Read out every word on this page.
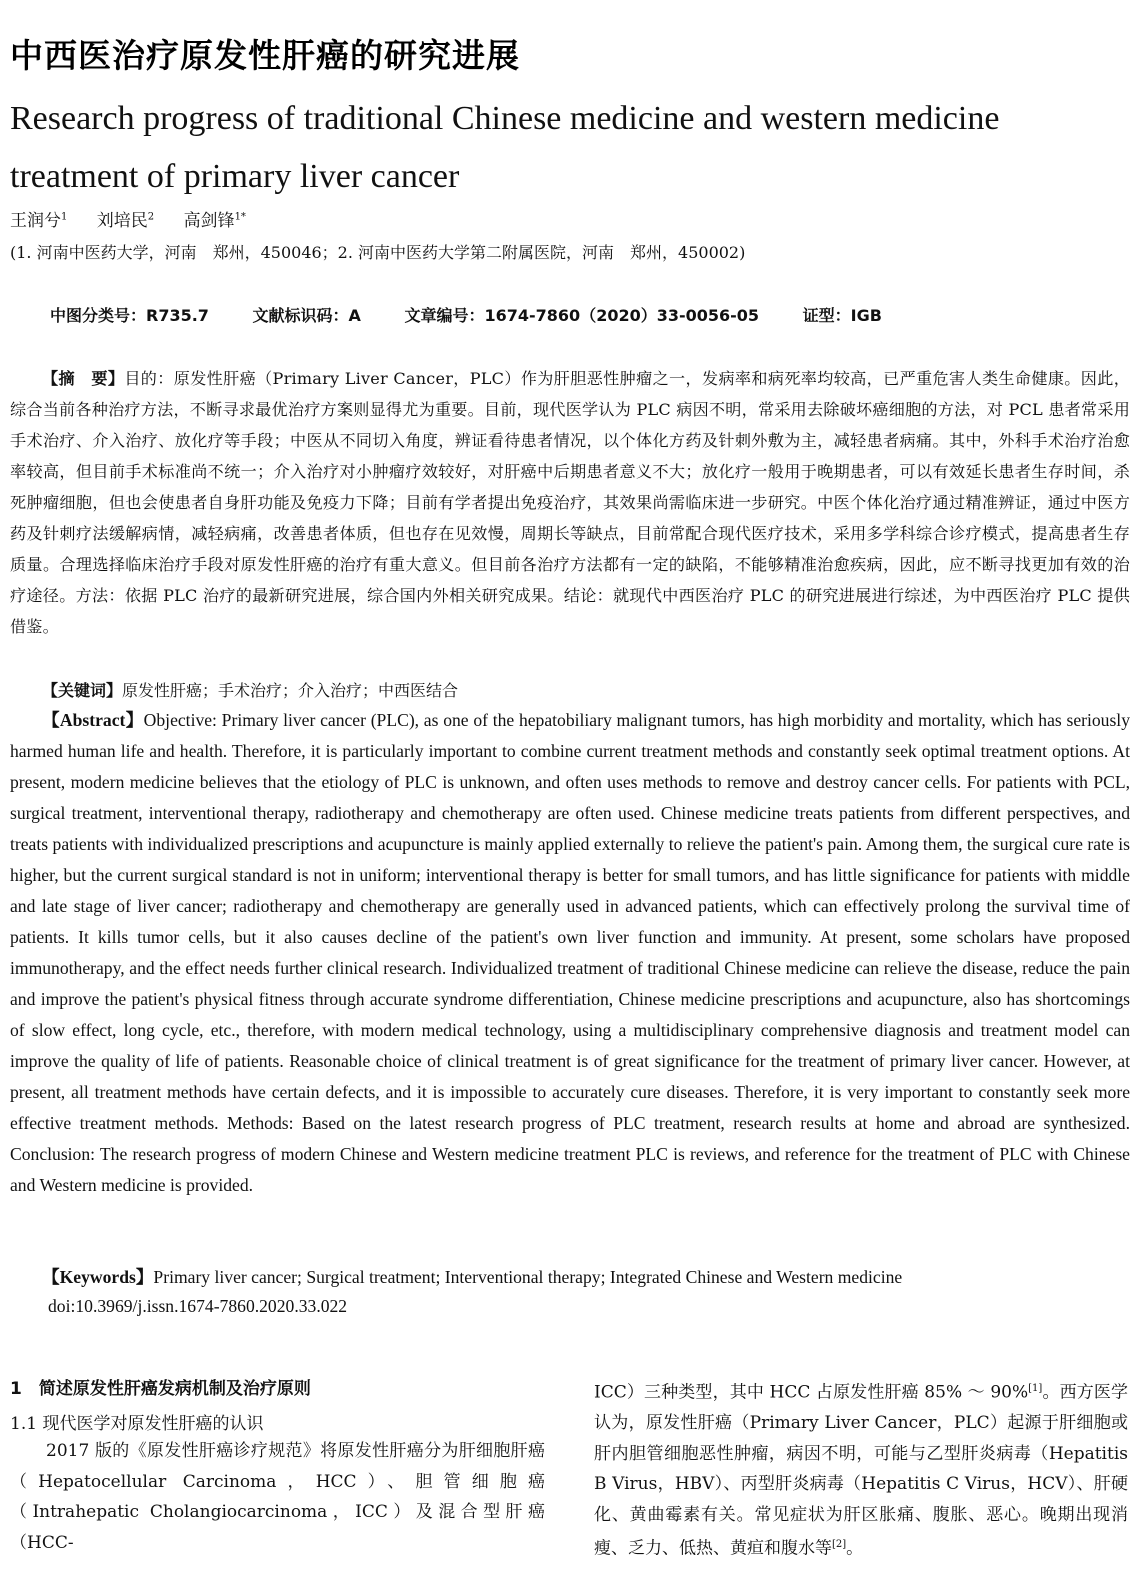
中西医治疗原发性肝癌的研究进展
Research progress of traditional Chinese medicine and western medicine treatment of primary liver cancer
王润兮$^1$ 刘培民$^2$ 高剑锋$^{1*}$
(1. 河南中医药大学，河南　郑州，450046；2. 河南中医药大学第二附属医院，河南　郑州，450002)
中图分类号：R735.7	文献标识码：A	文章编号：1674-7860（2020）33-0056-05	证型：IGB
【摘　要】目的：原发性肝癌（Primary Liver Cancer，PLC）作为肝胆恶性肿瘤之一，发病率和病死率均较高，已严重危害人类生命健康。因此，综合当前各种治疗方法，不断寻求最优治疗方案则显得尤为重要。目前，现代医学认为 PLC 病因不明，常采用去除破坏癌细胞的方法，对 PCL 患者常采用手术治疗、介入治疗、放化疗等手段；中医从不同切入角度，辨证看待患者情况，以个体化方药及针刺外敷为主，减轻患者病痛。其中，外科手术治疗治愈率较高，但目前手术标准尚不统一；介入治疗对小肿瘤疗效较好，对肝癌中后期患者意义不大；放化疗一般用于晚期患者，可以有效延长患者生存时间，杀死肿瘤细胞，但也会使患者自身肝功能及免疫力下降；目前有学者提出免疫治疗，其效果尚需临床进一步研究。中医个体化治疗通过精准辨证，通过中医方药及针刺疗法缓解病情，减轻病痛，改善患者体质，但也存在见效慢，周期长等缺点，目前常配合现代医疗技术，采用多学科综合诊疗模式，提高患者生存质量。合理选择临床治疗手段对原发性肝癌的治疗有重大意义。但目前各治疗方法都有一定的缺陷，不能够精准治愈疾病，因此，应不断寻找更加有效的治疗途径。方法：依据 PLC 治疗的最新研究进展，综合国内外相关研究成果。结论：就现代中西医治疗 PLC 的研究进展进行综述，为中西医治疗 PLC 提供借鉴。
【关键词】原发性肝癌；手术治疗；介入治疗；中西医结合
【Abstract】Objective: Primary liver cancer (PLC), as one of the hepatobiliary malignant tumors, has high morbidity and mortality, which has seriously harmed human life and health. Therefore, it is particularly important to combine current treatment methods and constantly seek optimal treatment options. At present, modern medicine believes that the etiology of PLC is unknown, and often uses methods to remove and destroy cancer cells. For patients with PCL, surgical treatment, interventional therapy, radiotherapy and chemotherapy are often used. Chinese medicine treats patients from different perspectives, and treats patients with individualized prescriptions and acupuncture is mainly applied externally to relieve the patient's pain. Among them, the surgical cure rate is higher, but the current surgical standard is not in uniform; interventional therapy is better for small tumors, and has little significance for patients with middle and late stage of liver cancer; radiotherapy and chemotherapy are generally used in advanced patients, which can effectively prolong the survival time of patients. It kills tumor cells, but it also causes decline of the patient's own liver function and immunity. At present, some scholars have proposed immunotherapy, and the effect needs further clinical research. Individualized treatment of traditional Chinese medicine can relieve the disease, reduce the pain and improve the patient's physical fitness through accurate syndrome differentiation, Chinese medicine prescriptions and acupuncture, also has shortcomings of slow effect, long cycle, etc., therefore, with modern medical technology, using a multidisciplinary comprehensive diagnosis and treatment model can improve the quality of life of patients. Reasonable choice of clinical treatment is of great significance for the treatment of primary liver cancer. However, at present, all treatment methods have certain defects, and it is impossible to accurately cure diseases. Therefore, it is very important to constantly seek more effective treatment methods. Methods: Based on the latest research progress of PLC treatment, research results at home and abroad are synthesized. Conclusion: The research progress of modern Chinese and Western medicine treatment PLC is reviews, and reference for the treatment of PLC with Chinese and Western medicine is provided.
【Keywords】Primary liver cancer; Surgical treatment; Interventional therapy; Integrated Chinese and Western medicine
doi:10.3969/j.issn.1674-7860.2020.33.022
1　简述原发性肝癌发病机制及治疗原则
1.1 现代医学对原发性肝癌的认识
2017 版的《原发性肝癌诊疗规范》将原发性肝癌分为肝细胞肝癌（Hepatocellular Carcinoma，HCC）、胆管细胞癌（Intrahepatic Cholangiocarcinoma，ICC）及混合型肝癌（HCC-
ICC）三种类型，其中 HCC 占原发性肝癌 85% ～ 90%[1]。西方医学认为，原发性肝癌（Primary Liver Cancer，PLC）起源于肝细胞或肝内胆管细胞恶性肿瘤，病因不明，可能与乙型肝炎病毒（Hepatitis B Virus，HBV）、丙型肝炎病毒（Hepatitis C Virus，HCV）、肝硬化、黄曲霉素有关。常见症状为肝区胀痛、腹胀、恶心。晚期出现消瘦、乏力、低热、黄疸和腹水等[2]。
